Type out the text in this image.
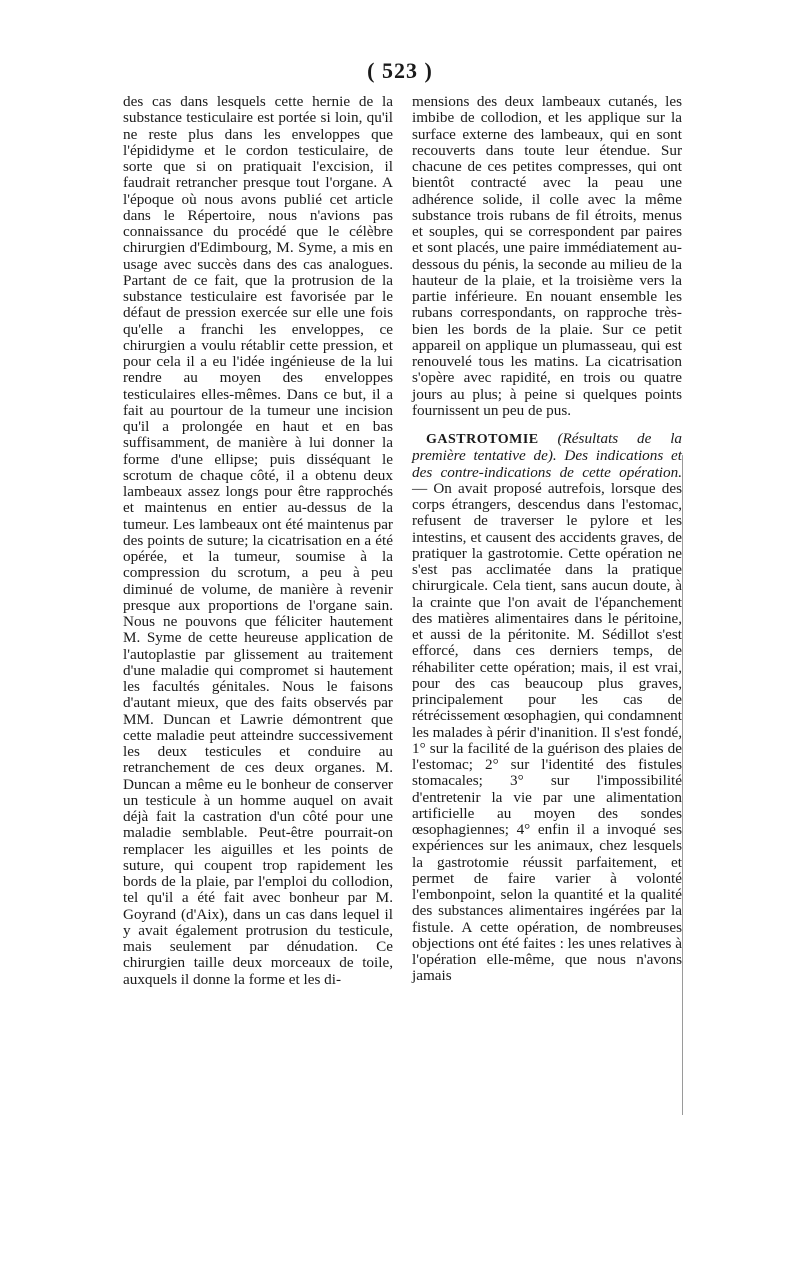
( 523 )

des cas dans lesquels cette hernie de la substance testiculaire est portée si loin, qu'il ne reste plus dans les enveloppes que l'épididyme et le cordon testiculaire, de sorte que si on pratiquait l'excision, il faudrait retrancher presque tout l'organe. A l'époque où nous avons publié cet article dans le Répertoire, nous n'avions pas connaissance du procédé que le célèbre chirurgien d'Edimbourg, M. Syme, a mis en usage avec succès dans des cas analogues. Partant de ce fait, que la protrusion de la substance testiculaire est favorisée par le défaut de pression exercée sur elle une fois qu'elle a franchi les enveloppes, ce chirurgien a voulu rétablir cette pression, et pour cela il a eu l'idée ingénieuse de la lui rendre au moyen des enveloppes testiculaires elles-mêmes. Dans ce but, il a fait au pourtour de la tumeur une incision qu'il a prolongée en haut et en bas suffisamment, de manière à lui donner la forme d'une ellipse; puis disséquant le scrotum de chaque côté, il a obtenu deux lambeaux assez longs pour être rapprochés et maintenus en entier au-dessus de la tumeur. Les lambeaux ont été maintenus par des points de suture; la cicatrisation en a été opérée, et la tumeur, soumise à la compression du scrotum, a peu à peu diminué de volume, de manière à revenir presque aux proportions de l'organe sain. Nous ne pouvons que féliciter hautement M. Syme de cette heureuse application de l'autoplastie par glissement au traitement d'une maladie qui compromet si hautement les facultés génitales. Nous le faisons d'autant mieux, que des faits observés par MM. Duncan et Lawrie démontrent que cette maladie peut atteindre successivement les deux testicules et conduire au retranchement de ces deux organes. M. Duncan a même eu le bonheur de conserver un testicule à un homme auquel on avait déjà fait la castration d'un côté pour une maladie semblable. Peut-être pourrait-on remplacer les aiguilles et les points de suture, qui coupent trop rapidement les bords de la plaie, par l'emploi du collodion, tel qu'il a été fait avec bonheur par M. Goyrand (d'Aix), dans un cas dans lequel il y avait également protrusion du testicule, mais seulement par dénudation. Ce chirurgien taille deux morceaux de toile, auxquels il donne la forme et les di-

mensions des deux lambeaux cutanés, les imbibe de collodion, et les applique sur la surface externe des lambeaux, qui en sont recouverts dans toute leur étendue. Sur chacune de ces petites compresses, qui ont bientôt contracté avec la peau une adhérence solide, il colle avec la même substance trois rubans de fil étroits, menus et souples, qui se correspondent par paires et sont placés, une paire immédiatement au-dessous du pénis, la seconde au milieu de la hauteur de la plaie, et la troisième vers la partie inférieure. En nouant ensemble les rubans correspondants, on rapproche très-bien les bords de la plaie. Sur ce petit appareil on applique un plumasseau, qui est renouvelé tous les matins. La cicatrisation s'opère avec rapidité, en trois ou quatre jours au plus; à peine si quelques points fournissent un peu de pus.

GASTROTOMIE (Résultats de la première tentative de). Des indications et des contre-indications de cette opération. — On avait proposé autrefois, lorsque des corps étrangers, descendus dans l'estomac, refusent de traverser le pylore et les intestins, et causent des accidents graves, de pratiquer la gastrotomie. Cette opération ne s'est pas acclimatée dans la pratique chirurgicale. Cela tient, sans aucun doute, à la crainte que l'on avait de l'épanchement des matières alimentaires dans le péritoine, et aussi de la péritonite. M. Sédillot s'est efforcé, dans ces derniers temps, de réhabiliter cette opération; mais, il est vrai, pour des cas beaucoup plus graves, principalement pour les cas de rétrécissement œsophagien, qui condamnent les malades à périr d'inanition. Il s'est fondé, 1° sur la facilité de la guérison des plaies de l'estomac; 2° sur l'identité des fistules stomacales; 3° sur l'impossibilité d'entretenir la vie par une alimentation artificielle au moyen des sondes œsophagiennes; 4° enfin il a invoqué ses expériences sur les animaux, chez lesquels la gastrotomie réussit parfaitement, et permet de faire varier à volonté l'embonpoint, selon la quantité et la qualité des substances alimentaires ingérées par la fistule. A cette opération, de nombreuses objections ont été faites : les unes relatives à l'opération elle-même, que nous n'avons jamais
